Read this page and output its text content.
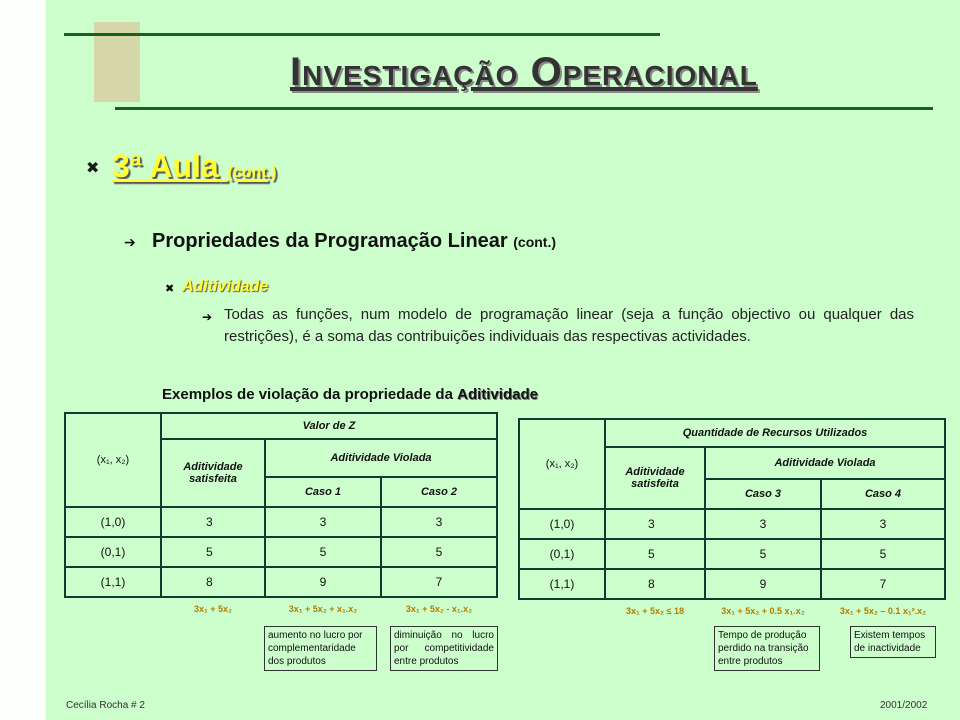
Investigação Operacional
✖ 3ª Aula (cont.)
➔ Propriedades da Programação Linear (cont.)
✖ Aditividade
➔ Todas as funções, num modelo de programação linear (seja a função objectivo ou qualquer das restrições), é a soma das contribuições individuais das respectivas actividades.
Exemplos de violação da propriedade da Aditividade
(x₁, x₂)	Valor de Z		
	Aditividade satisfeita	Aditividade Violada	
		Caso 1	Caso 2
(1,0)	3	3	3
(0,1)	5	5	5
(1,1)	8	9	7
	3x₁ + 5x₂	3x₁ + 5x₂ + x₁.x₂	3x₁ + 5x₂ - x₁.x₂
(x₁, x₂)	Quantidade de Recursos Utilizados		
	Aditividade satisfeita	Aditividade Violada	
		Caso 3	Caso 4
(1,0)	3	3	3
(0,1)	5	5	5
(1,1)	8	9	7
	3x₁ + 5x₂ ≤ 18	3x₁ + 5x₂ + 0.5 x₁.x₂	3x₁ + 5x₂ – 0.1 x₁².x₂
aumento no lucro por complementaridade dos produtos
diminuição no lucro por competitividade entre produtos
Tempo de produção perdido na transição entre produtos
Existem tempos de inactividade
Cecília Rocha # 2	2001/2002
